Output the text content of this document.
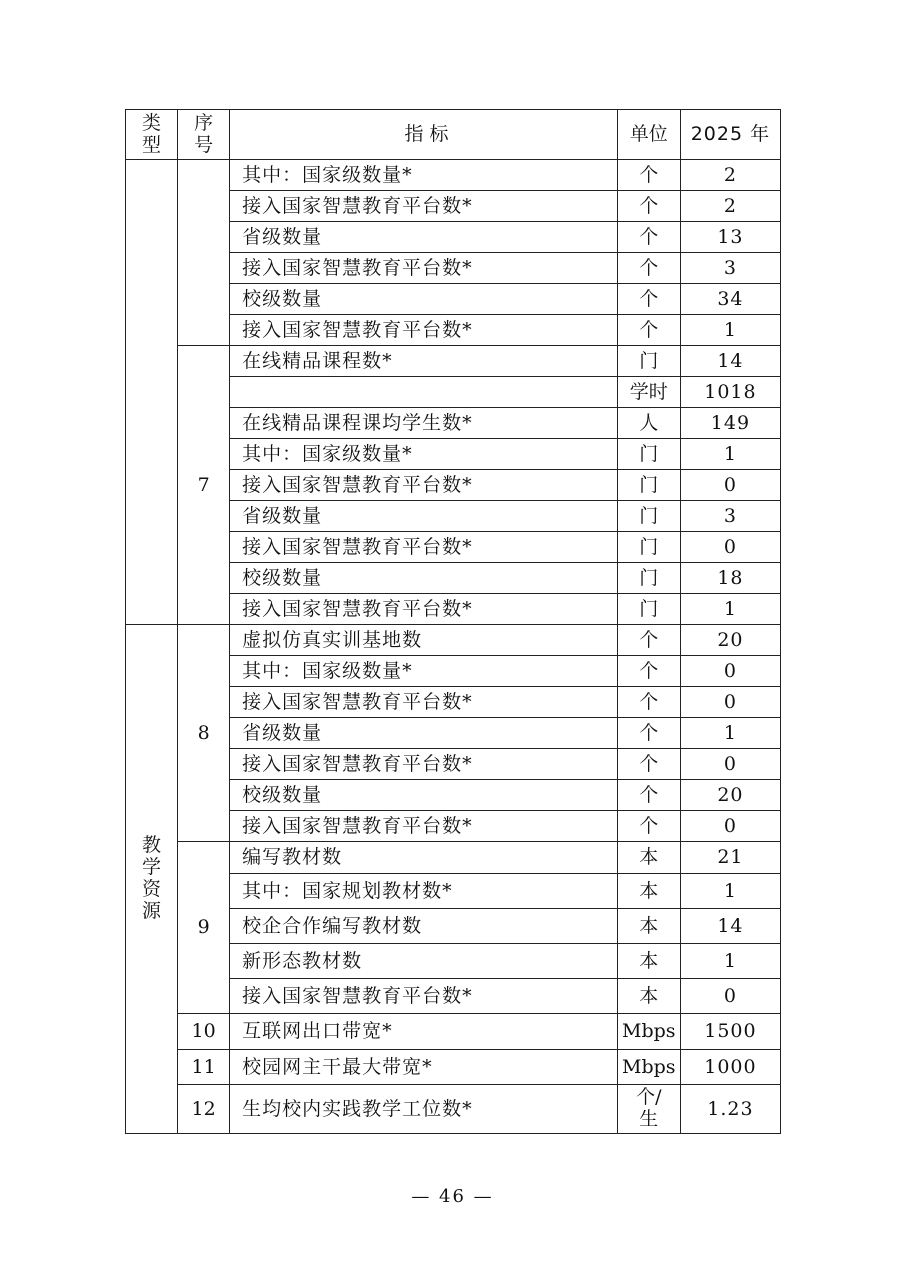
类型	序号	指标	单位	2025 年
		其中：国家级数量*	个	2
		接入国家智慧教育平台数*	个	2
		省级数量	个	13
		接入国家智慧教育平台数*	个	3
		校级数量	个	34
		接入国家智慧教育平台数*	个	1
	7	在线精品课程数*	门	14
			学时	1018
		在线精品课程课均学生数*	人	149
		其中：国家级数量*	门	1
		接入国家智慧教育平台数*	门	0
		省级数量	门	3
		接入国家智慧教育平台数*	门	0
		校级数量	门	18
		接入国家智慧教育平台数*	门	1
教学资源	8	虚拟仿真实训基地数	个	20
		其中：国家级数量*	个	0
		接入国家智慧教育平台数*	个	0
		省级数量	个	1
		接入国家智慧教育平台数*	个	0
		校级数量	个	20
		接入国家智慧教育平台数*	个	0
	9	编写教材数	本	21
		其中：国家规划教材数*	本	1
		校企合作编写教材数	本	14
		新形态教材数	本	1
		接入国家智慧教育平台数*	本	0
	10	互联网出口带宽*	Mbps	1500
	11	校园网主干最大带宽*	Mbps	1000
	12	生均校内实践教学工位数*	个/生	1.23
— 46 —
